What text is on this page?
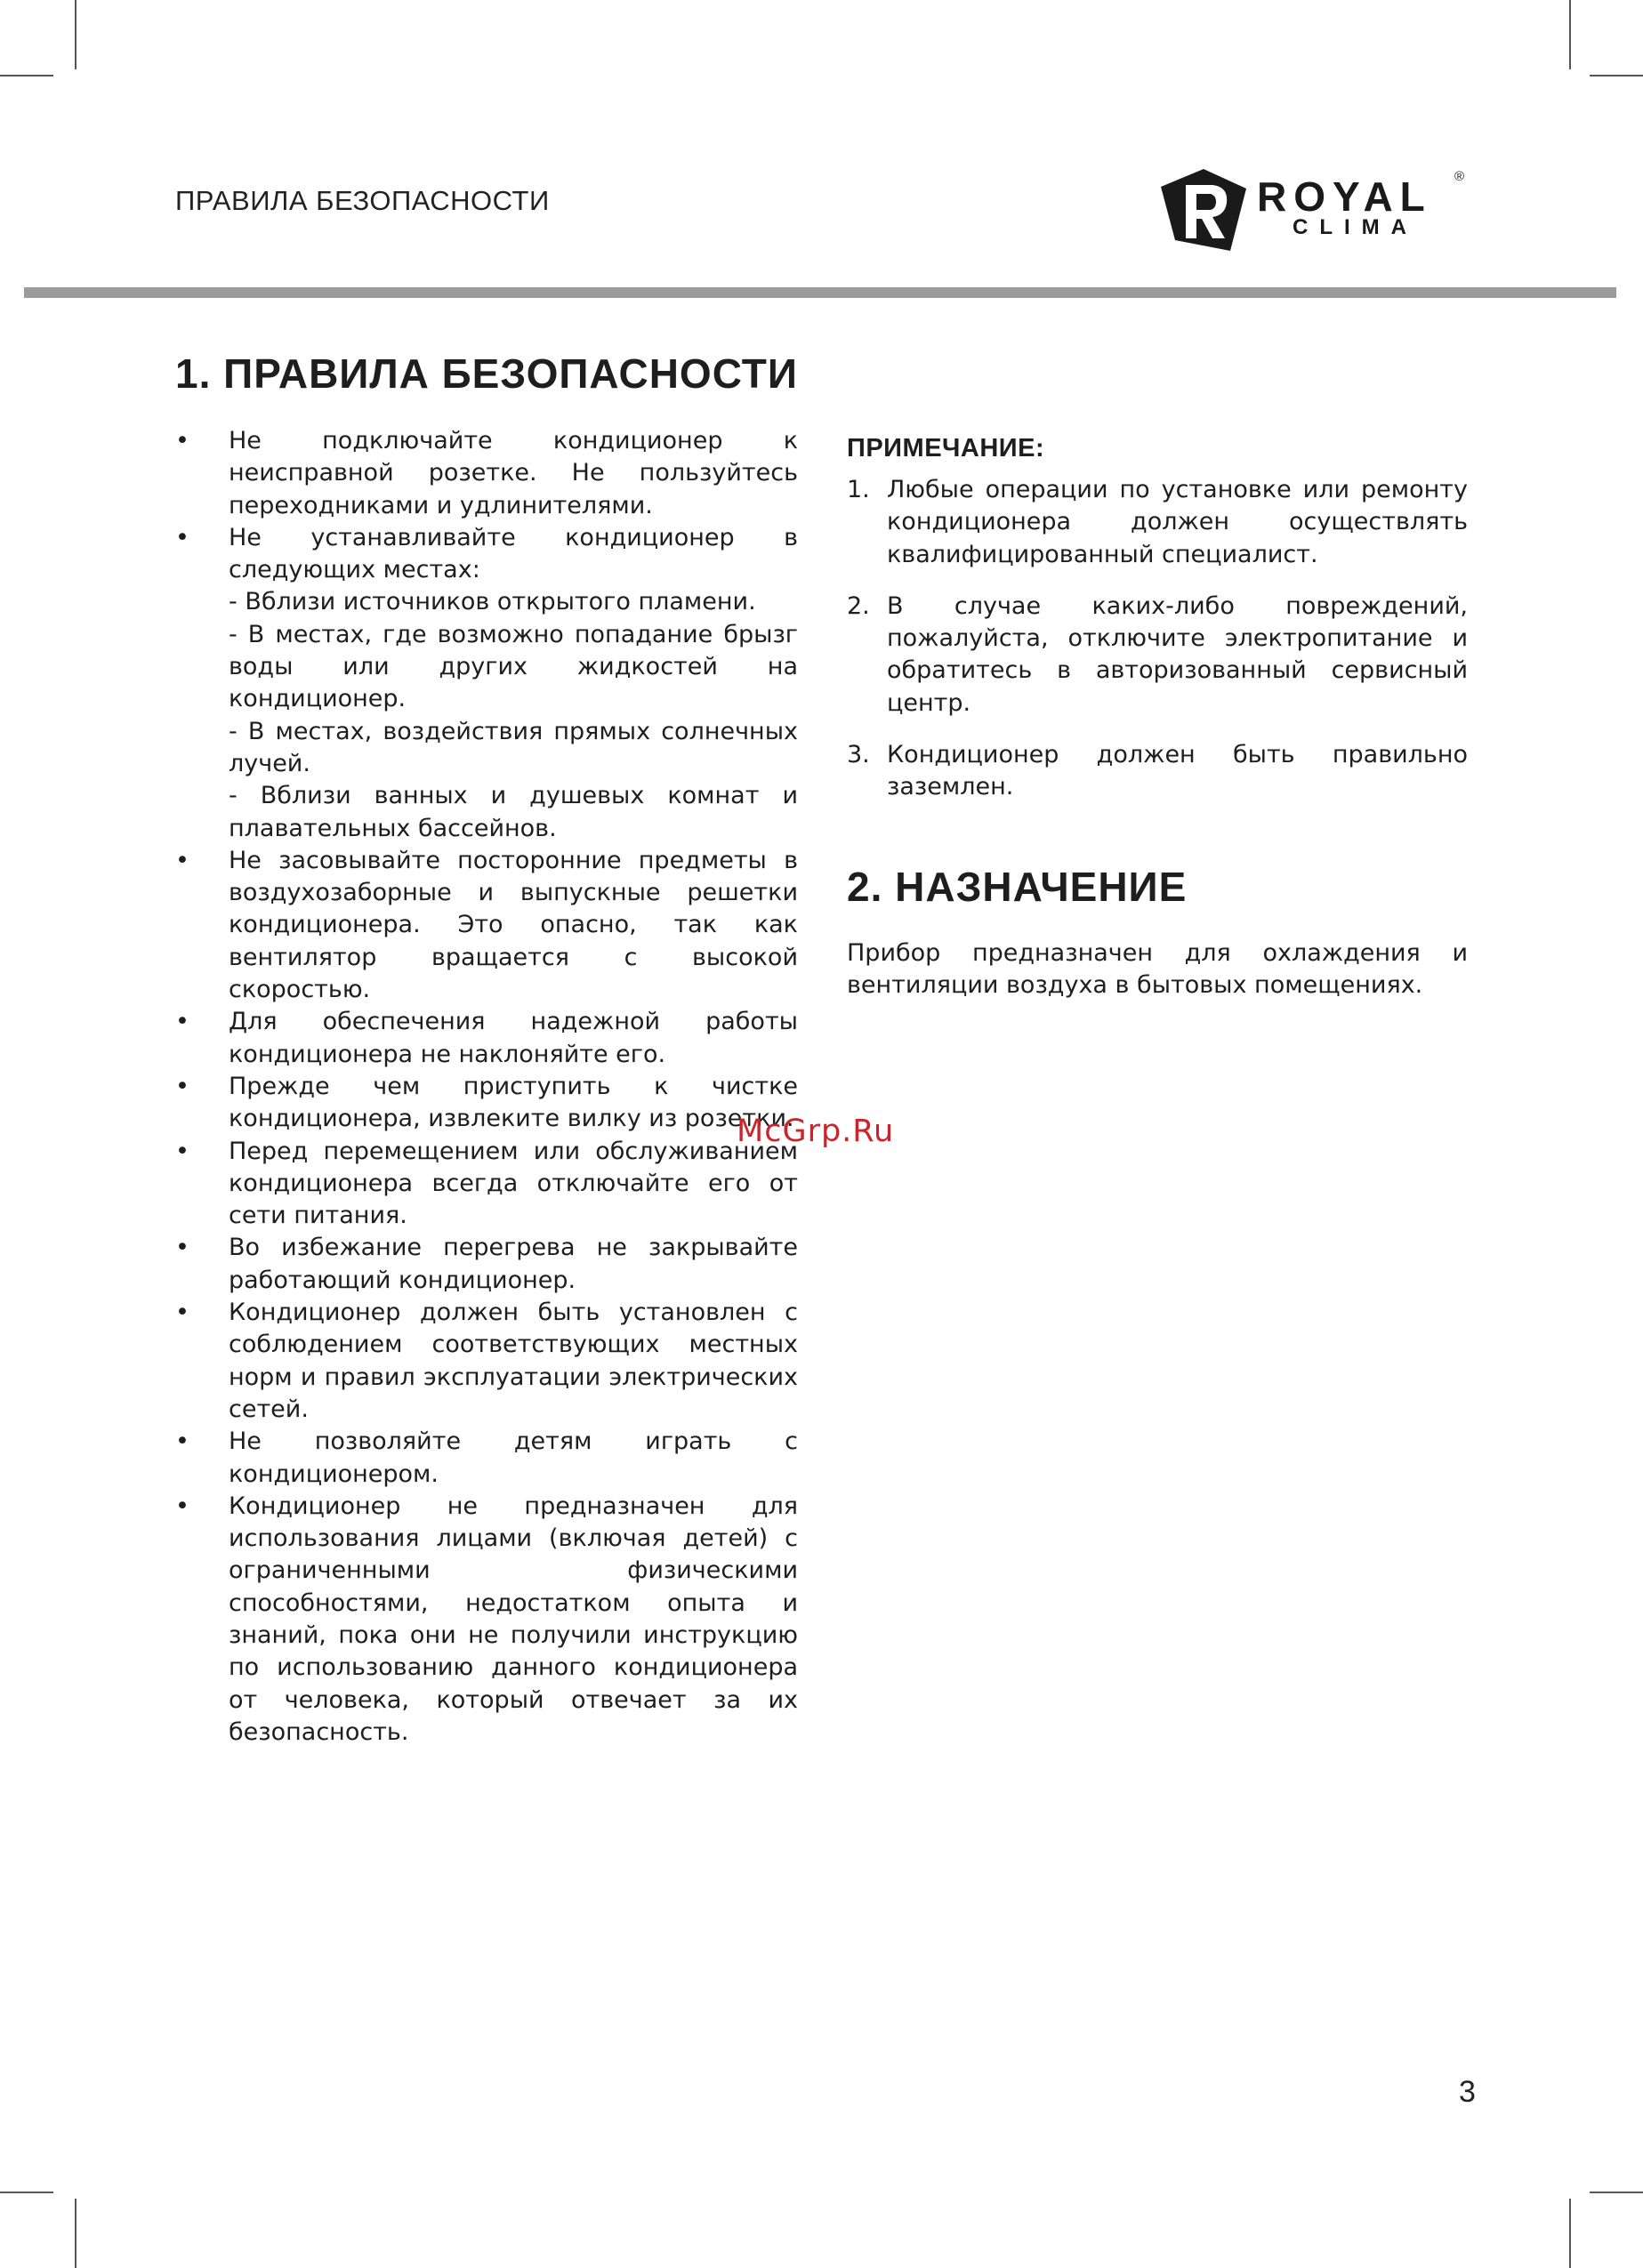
ПРАВИЛА БЕЗОПАСНОСТИ	ROYAL ®
CLIMA
1. ПРАВИЛА БЕЗОПАСНОСТИ
• Не подключайте кондиционер к неисправной розетке. Не пользуйтесь переходниками и удлинителями.
• Не устанавливайте кондиционер в следующих местах:
- Вблизи источников открытого пламени.
- В местах, где возможно попадание брызг воды или других жидкостей на кондиционер.
- В местах, воздействия прямых солнечных лучей.
- Вблизи ванных и душевых комнат и плавательных бассейнов.
• Не засовывайте посторонние предметы в воздухозаборные и выпускные решетки кондиционера. Это опасно, так как вентилятор вращается с высокой скоростью.
• Для обеспечения надежной работы кондиционера не наклоняйте его.
• Прежде чем приступить к чистке кондиционера, извлеките вилку из розетки.
• Перед перемещением или обслуживанием кондиционера всегда отключайте его от сети питания.
• Во избежание перегрева не закрывайте работающий кондиционер.
• Кондиционер должен быть установлен с соблюдением соответствующих местных норм и правил эксплуатации электрических сетей.
• Не позволяйте детям играть с кондиционером.
• Кондиционер не предназначен для использования лицами (включая детей) с ограниченными физическими способностями, недостатком опыта и знаний, пока они не получили инструкцию по использованию данного кондиционера от человека, который отвечает за их безопасность.
ПРИМЕЧАНИЕ:
1. Любые операции по установке или ремонту кондиционера должен осуществлять квалифицированный специалист.
2. В случае каких-либо повреждений, пожалуйста, отключите электропитание и обратитесь в авторизованный сервисный центр.
3. Кондиционер должен быть правильно заземлен.
2. НАЗНАЧЕНИЕ

Прибор предназначен для охлаждения и вентиляции воздуха в бытовых помещениях.

McGrp.Ru
3
